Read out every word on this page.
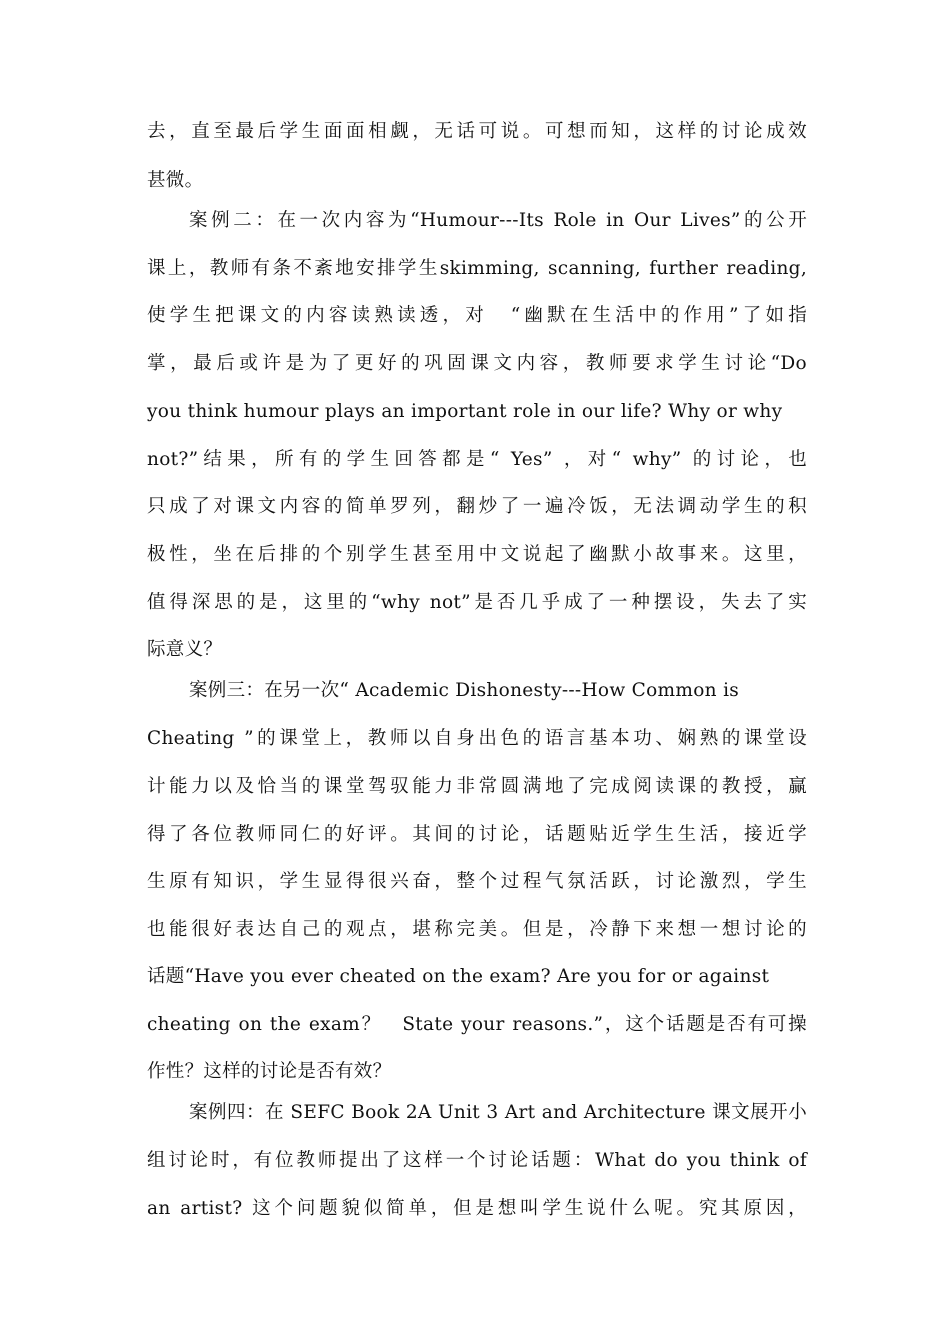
去，直至最后学生面面相觑，无话可说。可想而知，这样的讨论成效
甚微。
案例二：在一次内容为“Humour---Its Role in Our Lives”的公开
课上，教师有条不紊地安排学生skimming, scanning, further reading,
使学生把课文的内容读熟读透，对　“幽默在生活中的作用”了如指
掌，最后或许是为了更好的巩固课文内容，教师要求学生讨论“Do
you think humour plays an important role in our life? Why or why
not?”结果，所有的学生回答都是“ Yes” ，对“ why” 的讨论，也
只成了对课文内容的简单罗列，翻炒了一遍冷饭，无法调动学生的积
极性，坐在后排的个别学生甚至用中文说起了幽默小故事来。这里，
值得深思的是，这里的“why not”是否几乎成了一种摆设，失去了实
际意义？
案例三：在另一次“ Academic Dishonesty---How Common is
Cheating ”的课堂上，教师以自身出色的语言基本功、娴熟的课堂设
计能力以及恰当的课堂驾驭能力非常圆满地了完成阅读课的教授，赢
得了各位教师同仁的好评。其间的讨论，话题贴近学生生活，接近学
生原有知识，学生显得很兴奋，整个过程气氛活跃，讨论激烈，学生
也能很好表达自己的观点，堪称完美。但是，冷静下来想一想讨论的
话题“Have you ever cheated on the exam? Are you for or against
cheating on the exam？　State your reasons.”，这个话题是否有可操
作性？这样的讨论是否有效？
案例四：在 SEFC Book 2A Unit 3 Art and Architecture 课文展开小
组讨论时，有位教师提出了这样一个讨论话题：What do you think of
an artist? 这个问题貌似简单，但是想叫学生说什么呢。究其原因，
